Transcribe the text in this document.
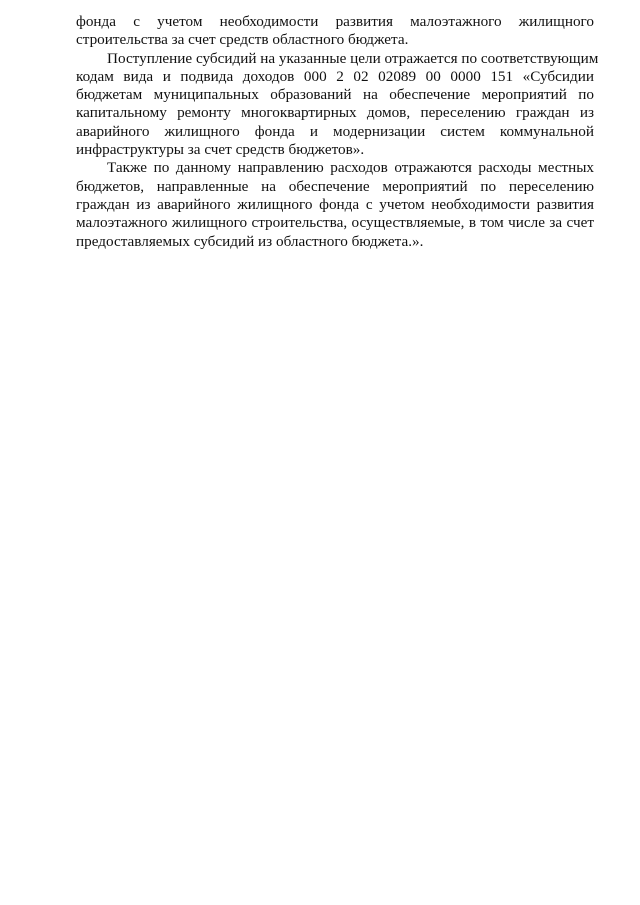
фонда с учетом необходимости развития малоэтажного жилищного
строительства за счет средств областного бюджета.
Поступление субсидий на указанные цели отражается по соответствующим
кодам вида и подвида доходов 000 2 02 02089 00 0000 151 «Субсидии
бюджетам муниципальных образований на обеспечение мероприятий по
капитальному ремонту многоквартирных домов, переселению граждан из
аварийного жилищного фонда и модернизации систем коммунальной
инфраструктуры за счет средств бюджетов».
Также по данному направлению расходов отражаются расходы местных
бюджетов, направленные на обеспечение мероприятий по переселению
граждан из аварийного жилищного фонда с учетом необходимости развития
малоэтажного жилищного строительства, осуществляемые, в том числе за счет
предоставляемых субсидий из областного бюджета.».
